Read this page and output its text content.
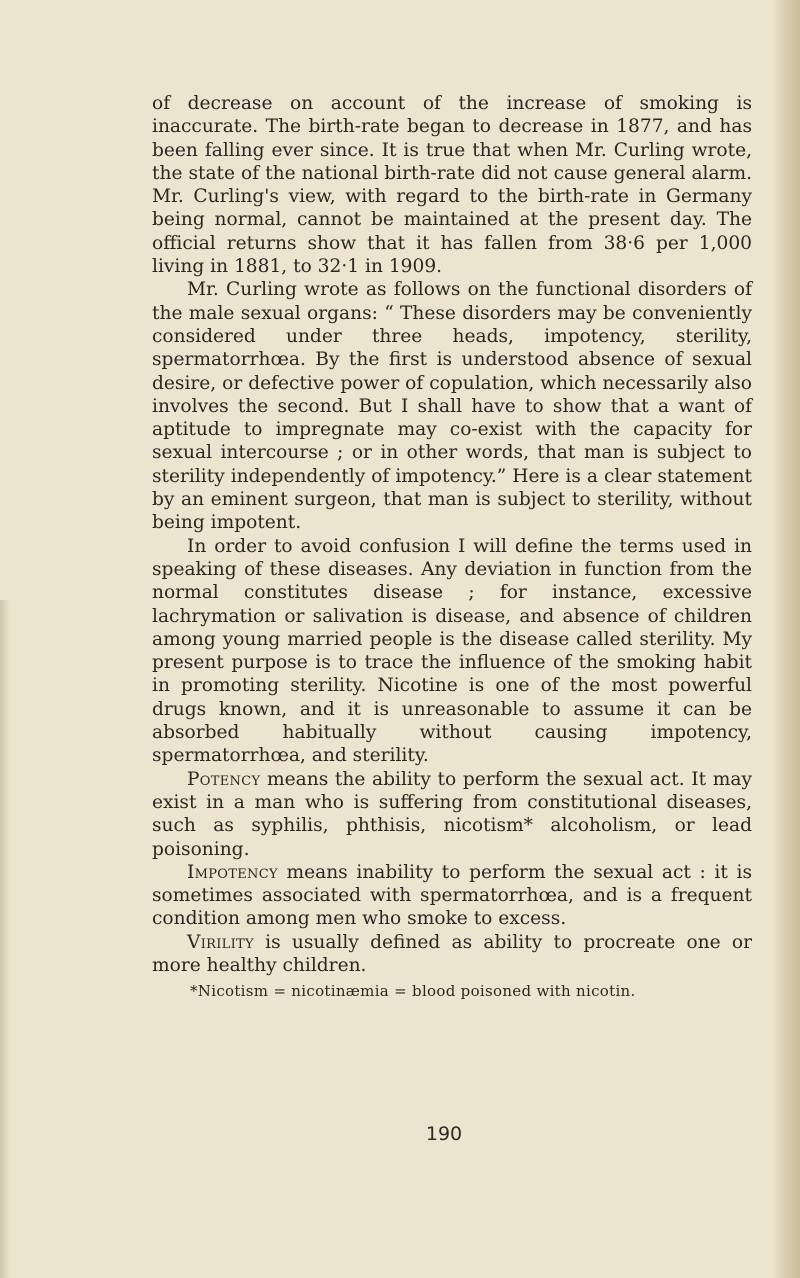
of decrease on account of the increase of smoking is inaccurate. The birth-rate began to decrease in 1877, and has been falling ever since. It is true that when Mr. Curling wrote, the state of the national birth-rate did not cause general alarm. Mr. Curling's view, with regard to the birth-rate in Germany being normal, cannot be maintained at the present day. The official returns show that it has fallen from 38·6 per 1,000 living in 1881, to 32·1 in 1909.

Mr. Curling wrote as follows on the functional disorders of the male sexual organs: “ These disorders may be conveniently considered under three heads, impotency, sterility, spermatorrhœa. By the first is understood absence of sexual desire, or defective power of copulation, which necessarily also involves the second. But I shall have to show that a want of aptitude to impregnate may co-exist with the capacity for sexual intercourse ; or in other words, that man is subject to sterility independently of impotency.” Here is a clear statement by an eminent surgeon, that man is subject to sterility, without being impotent.

In order to avoid confusion I will define the terms used in speaking of these diseases. Any deviation in function from the normal constitutes disease ; for instance, excessive lachrymation or salivation is disease, and absence of children among young married people is the disease called sterility. My present purpose is to trace the influence of the smoking habit in promoting sterility. Nicotine is one of the most powerful drugs known, and it is unreasonable to assume it can be absorbed habitually without causing impotency, spermatorrhœa, and sterility.

Potency means the ability to perform the sexual act. It may exist in a man who is suffering from constitutional diseases, such as syphilis, phthisis, nicotism* alcoholism, or lead poisoning.

Impotency means inability to perform the sexual act : it is sometimes associated with spermatorrhœa, and is a frequent condition among men who smoke to excess.

Virility is usually defined as ability to procreate one or more healthy children.

*Nicotism = nicotinæmia = blood poisoned with nicotin.

190
